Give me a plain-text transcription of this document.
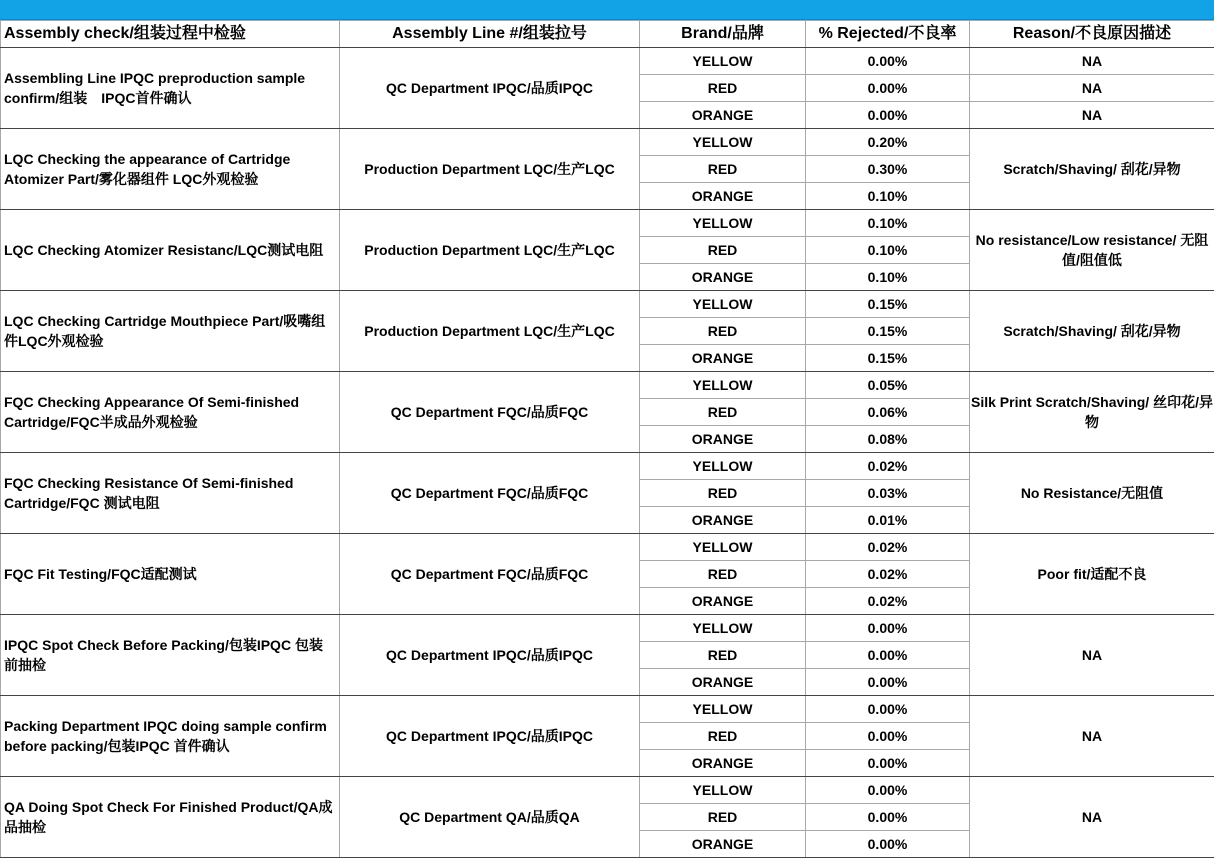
Assembly check/组装过程中检验	Assembly Line #/组装拉号	Brand/品牌	% Rejected/不良率	Reason/不良原因描述
Assembling Line IPQC preproduction sample confirm/组装　IPQC首件确认	QC Department IPQC/品质IPQC	YELLOW	0.00%	NA
		RED	0.00%	NA
		ORANGE	0.00%	NA
LQC Checking the appearance of Cartridge Atomizer Part/雾化器组件 LQC外观检验	Production Department LQC/生产LQC	YELLOW	0.20%	Scratch/Shaving/ 刮花/异物
		RED	0.30%	
		ORANGE	0.10%	
LQC Checking Atomizer Resistanc/LQC测试电阻	Production Department LQC/生产LQC	YELLOW	0.10%	No resistance/Low resistance/ 无阻值/阻值低
		RED	0.10%	
		ORANGE	0.10%	
LQC Checking Cartridge Mouthpiece Part/吸嘴组件LQC外观检验	Production Department LQC/生产LQC	YELLOW	0.15%	Scratch/Shaving/ 刮花/异物
		RED	0.15%	
		ORANGE	0.15%	
FQC Checking Appearance Of Semi-finished Cartridge/FQC半成品外观检验	QC Department FQC/品质FQC	YELLOW	0.05%	Silk Print Scratch/Shaving/ 丝印花/异物
		RED	0.06%	
		ORANGE	0.08%	
FQC Checking Resistance Of Semi-finished Cartridge/FQC 测试电阻	QC Department FQC/品质FQC	YELLOW	0.02%	No Resistance/无阻值
		RED	0.03%	
		ORANGE	0.01%	
FQC Fit Testing/FQC适配测试	QC Department FQC/品质FQC	YELLOW	0.02%	Poor fit/适配不良
		RED	0.02%	
		ORANGE	0.02%	
IPQC Spot Check Before Packing/包装IPQC 包装前抽检	QC Department IPQC/品质IPQC	YELLOW	0.00%	NA
		RED	0.00%	
		ORANGE	0.00%	
Packing Department IPQC doing sample confirm before packing/包装IPQC 首件确认	QC Department IPQC/品质IPQC	YELLOW	0.00%	NA
		RED	0.00%	
		ORANGE	0.00%	
QA Doing Spot Check For Finished Product/QA成品抽检	QC Department QA/品质QA	YELLOW	0.00%	NA
		RED	0.00%	
		ORANGE	0.00%	
